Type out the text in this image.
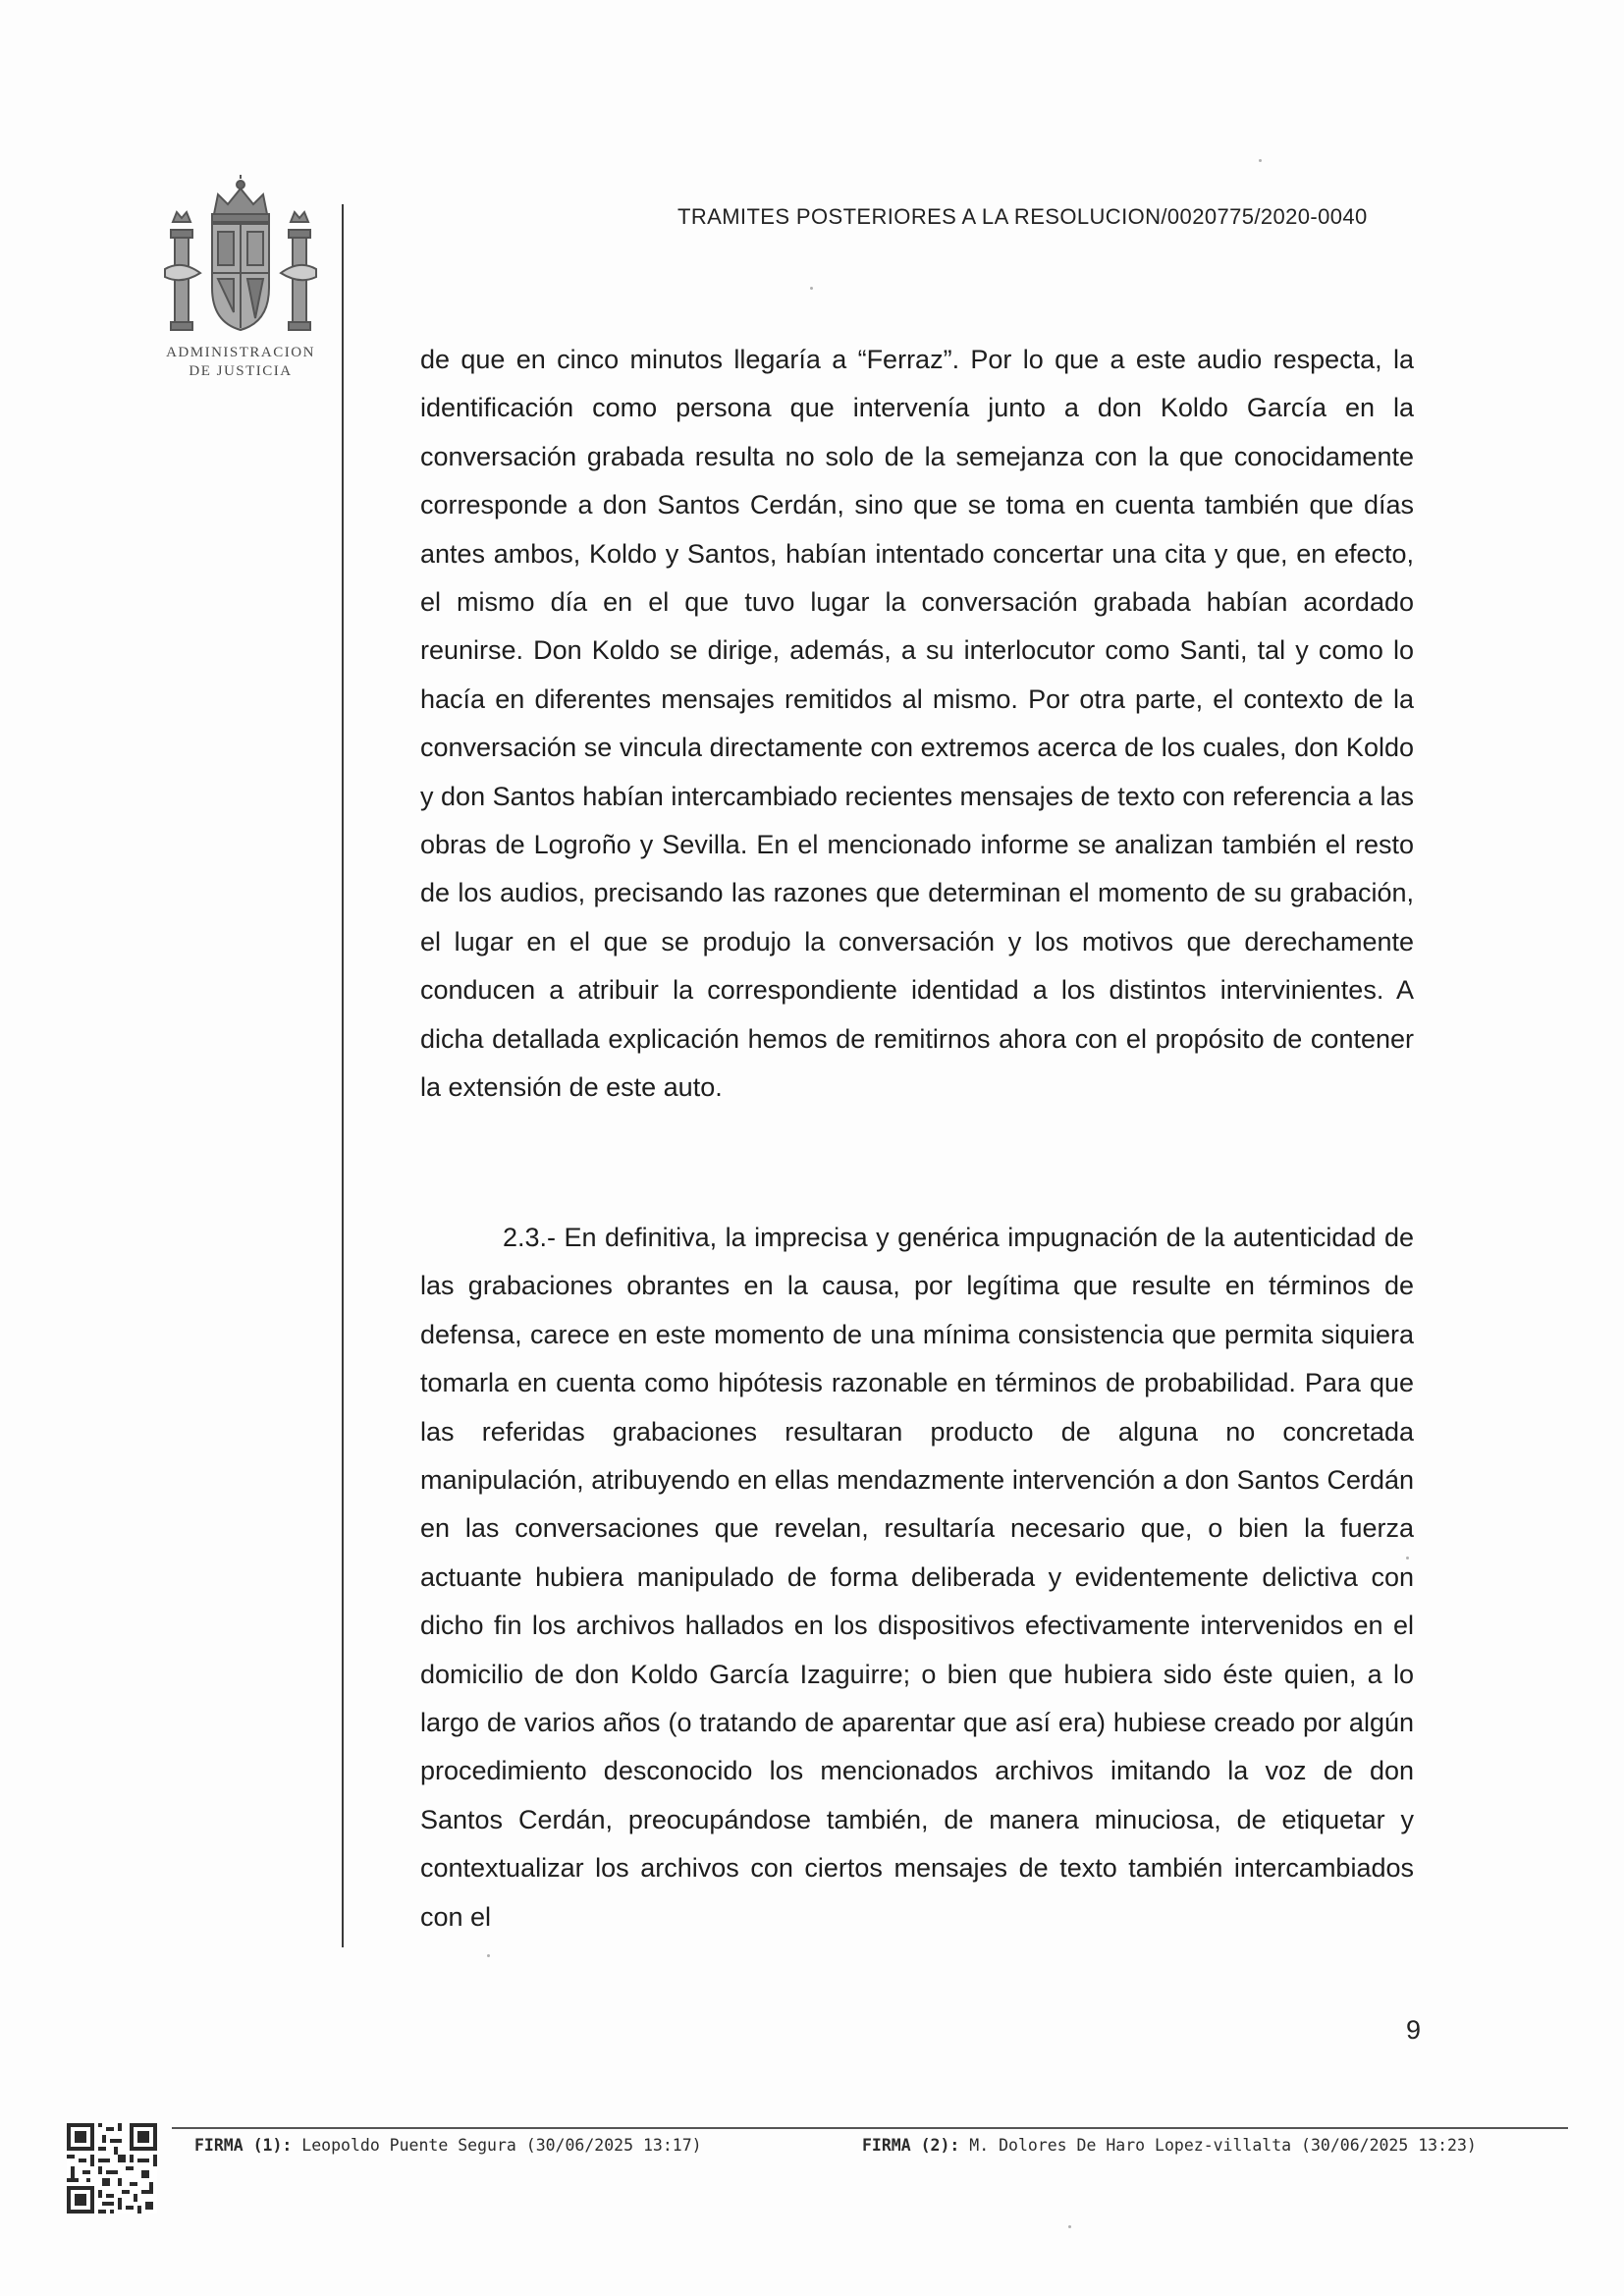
ADMINISTRACION
DE JUSTICIA
TRAMITES POSTERIORES A LA RESOLUCION/0020775/2020-0040
de que en cinco minutos llegaría a “Ferraz”. Por lo que a este audio respecta, la identificación como persona que intervenía junto a don Koldo García en la conversación grabada resulta no solo de la semejanza con la que conocidamente corresponde a don Santos Cerdán, sino que se toma en cuenta también que días antes ambos, Koldo y Santos, habían intentado concertar una cita y que, en efecto, el mismo día en el que tuvo lugar la conversación grabada habían acordado reunirse. Don Koldo se dirige, además, a su interlocutor como Santi, tal y como lo hacía en diferentes mensajes remitidos al mismo. Por otra parte, el contexto de la conversación se vincula directamente con extremos acerca de los cuales, don Koldo y don Santos habían intercambiado recientes mensajes de texto con referencia a las obras de Logroño y Sevilla. En el mencionado informe se analizan también el resto de los audios, precisando las razones que determinan el momento de su grabación, el lugar en el que se produjo la conversación y los motivos que derechamente conducen a atribuir la correspondiente identidad a los distintos intervinientes. A dicha detallada explicación hemos de remitirnos ahora con el propósito de contener la extensión de este auto.
2.3.- En definitiva, la imprecisa y genérica impugnación de la autenticidad de las grabaciones obrantes en la causa, por legítima que resulte en términos de defensa, carece en este momento de una mínima consistencia que permita siquiera tomarla en cuenta como hipótesis razonable en términos de probabilidad. Para que las referidas grabaciones resultaran producto de alguna no concretada manipulación, atribuyendo en ellas mendazmente intervención a don Santos Cerdán en las conversaciones que revelan, resultaría necesario que, o bien la fuerza actuante hubiera manipulado de forma deliberada y evidentemente delictiva con dicho fin los archivos hallados en los dispositivos efectivamente intervenidos en el domicilio de don Koldo García Izaguirre; o bien que hubiera sido éste quien, a lo largo de varios años (o tratando de aparentar que así era) hubiese creado por algún procedimiento desconocido los mencionados archivos imitando la voz de don Santos Cerdán, preocupándose también, de manera minuciosa, de etiquetar y contextualizar los archivos con ciertos mensajes de texto también intercambiados con el
9
FIRMA (1): Leopoldo Puente Segura (30/06/2025 13:17)	FIRMA (2): M. Dolores De Haro Lopez-villalta (30/06/2025 13:23)
